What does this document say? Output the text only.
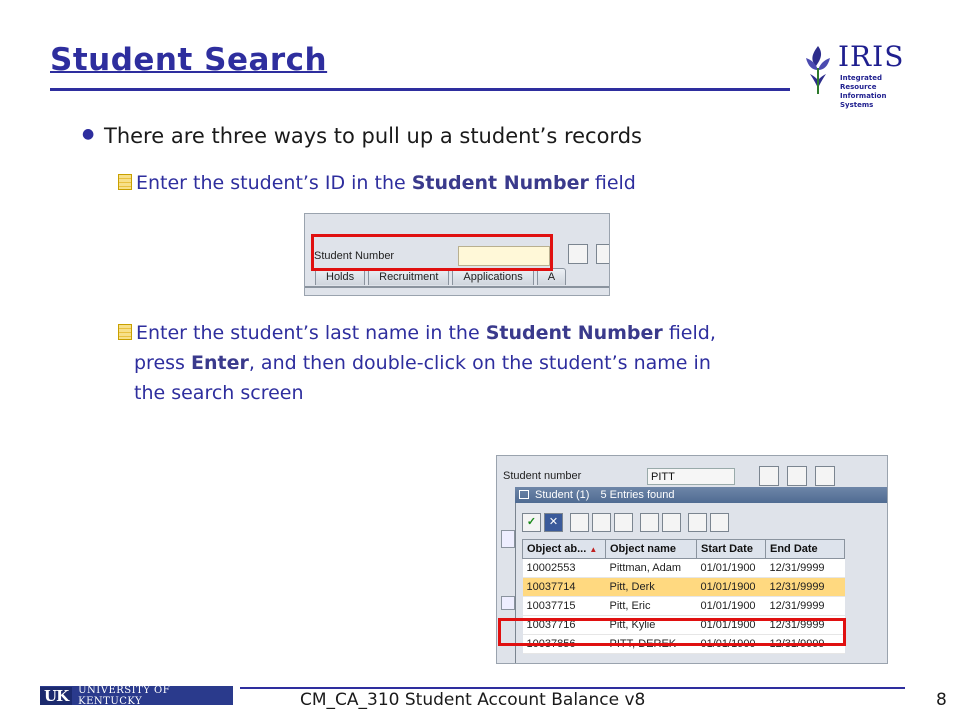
Student Search	IRIS
Integrated Resource
Information Systems
● There are three ways to pull up a student’s records
Enter the student’s ID in the Student Number field
Student Number
Holds	Recruitment	Applications	A
Enter the student’s last name in the Student Number field,
press Enter, and then double-click on the student’s name in
the search screen
Student number	PITT
Student (1) 5 Entries found
✓	✕
Object ab... ▲	Object name	Start Date	End Date
10002553	Pittman, Adam	01/01/1900	12/31/9999
10037714	Pitt, Derk	01/01/1900	12/31/9999
10037715	Pitt, Eric	01/01/1900	12/31/9999
10037716	Pitt, Kylie	01/01/1900	12/31/9999
10037856	PITT, DEREK	01/01/1900	12/31/9999
UK	UNIVERSITY OF KENTUCKY	CM_CA_310 Student Account Balance v8	8
